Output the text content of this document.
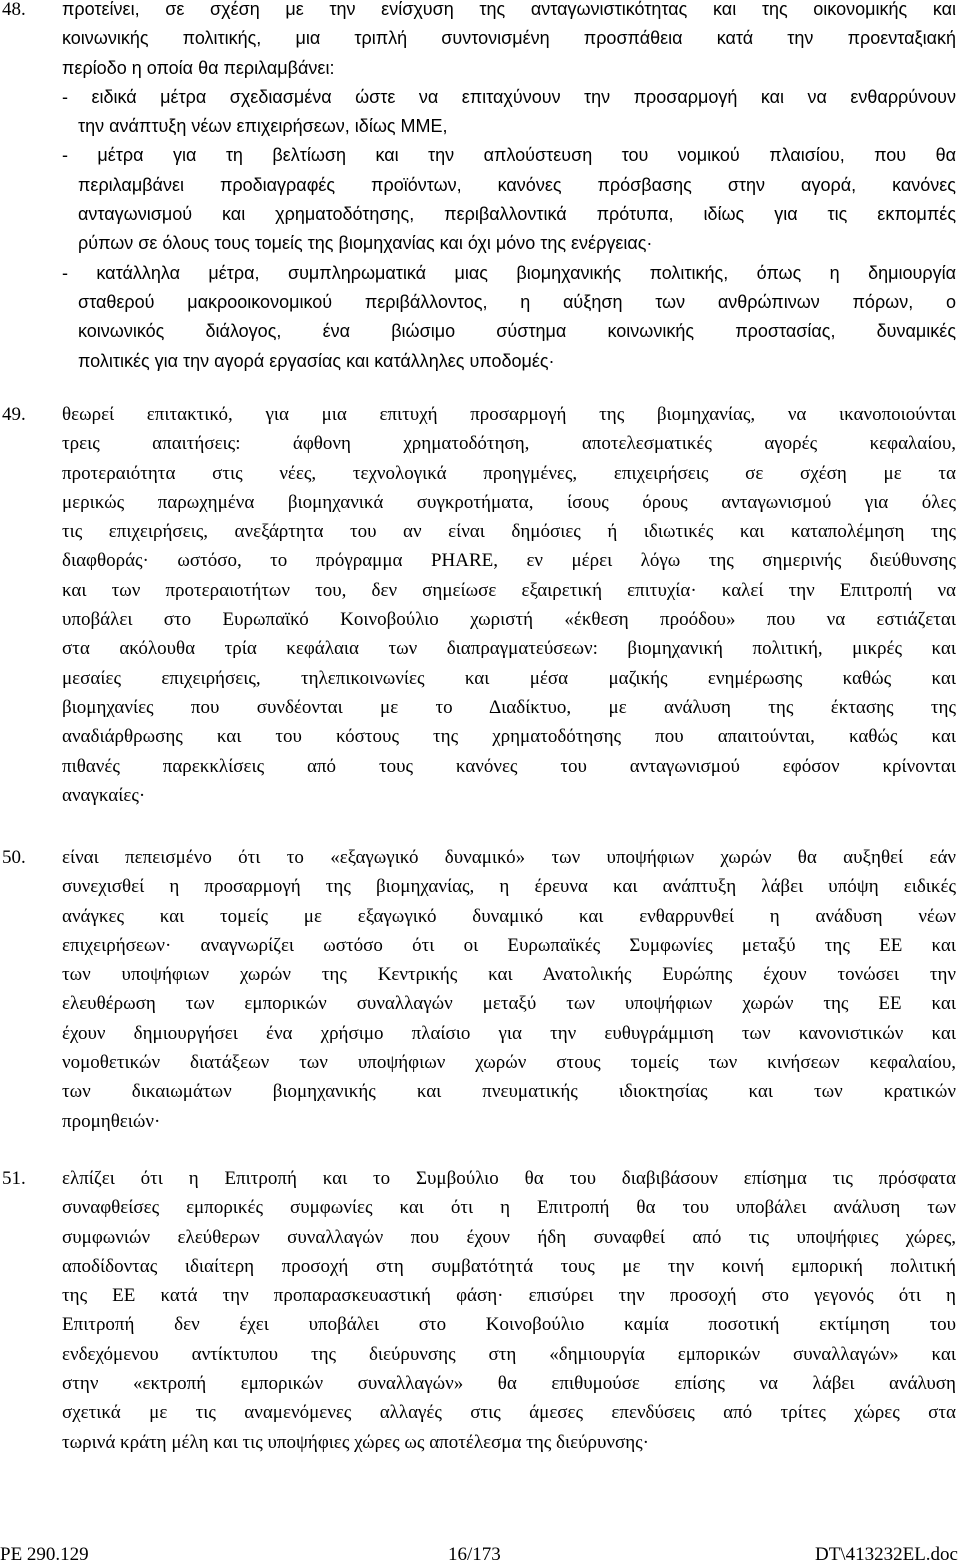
48. προτείνει, σε σχέση με την ενίσχυση της ανταγωνιστικότητας και της οικονομικής και
κοινωνικής πολιτικής, μια τριπλή συντονισμένη προσπάθεια κατά την προενταξιακή
περίοδο η οποία θα περιλαμβάνει:
- ειδικά μέτρα σχεδιασμένα ώστε να επιταχύνουν την προσαρμογή και να ενθαρρύνουν
την ανάπτυξη νέων επιχειρήσεων, ιδίως ΜΜΕ,
- μέτρα για τη βελτίωση και την απλούστευση του νομικού πλαισίου, που θα
περιλαμβάνει προδιαγραφές προϊόντων, κανόνες πρόσβασης στην αγορά, κανόνες
ανταγωνισμού και χρηματοδότησης, περιβαλλοντικά πρότυπα, ιδίως για τις εκπομπές
ρύπων σε όλους τους τομείς της βιομηχανίας και όχι μόνο της ενέργειας·
- κατάλληλα μέτρα, συμπληρωματικά μιας βιομηχανικής πολιτικής, όπως η δημιουργία
σταθερού μακροοικονομικού περιβάλλοντος, η αύξηση των ανθρώπινων πόρων, ο
κοινωνικός διάλογος, ένα βιώσιμο σύστημα κοινωνικής προστασίας, δυναμικές
πολιτικές για την αγορά εργασίας και κατάλληλες υποδομές·
49. θεωρεί επιτακτικό, για μια επιτυχή προσαρμογή της βιομηχανίας, να ικανοποιούνται
τρεις απαιτήσεις: άφθονη χρηματοδότηση, αποτελεσματικές αγορές κεφαλαίου,
προτεραιότητα στις νέες, τεχνολογικά προηγμένες, επιχειρήσεις σε σχέση με τα
μερικώς παρωχημένα βιομηχανικά συγκροτήματα, ίσους όρους ανταγωνισμού για όλες
τις επιχειρήσεις, ανεξάρτητα του αν είναι δημόσιες ή ιδιωτικές και καταπολέμηση της
διαφθοράς· ωστόσο, το πρόγραμμα PHARE, εν μέρει λόγω της σημερινής διεύθυνσης
και των προτεραιοτήτων του, δεν σημείωσε εξαιρετική επιτυχία· καλεί την Επιτροπή να
υποβάλει στο Ευρωπαϊκό Κοινοβούλιο χωριστή «έκθεση προόδου» που να εστιάζεται
στα ακόλουθα τρία κεφάλαια των διαπραγματεύσεων: βιομηχανική πολιτική, μικρές και
μεσαίες επιχειρήσεις, τηλεπικοινωνίες και μέσα μαζικής ενημέρωσης καθώς και
βιομηχανίες που συνδέονται με το Διαδίκτυο, με ανάλυση της έκτασης της
αναδιάρθρωσης και του κόστους της χρηματοδότησης που απαιτούνται, καθώς και
πιθανές παρεκκλίσεις από τους κανόνες του ανταγωνισμού εφόσον κρίνονται
αναγκαίες·
50. είναι πεπεισμένο ότι το «εξαγωγικό δυναμικό» των υποψήφιων χωρών θα αυξηθεί εάν
συνεχισθεί η προσαρμογή της βιομηχανίας, η έρευνα και ανάπτυξη λάβει υπόψη ειδικές
ανάγκες και τομείς με εξαγωγικό δυναμικό και ενθαρρυνθεί η ανάδυση νέων
επιχειρήσεων· αναγνωρίζει ωστόσο ότι οι Ευρωπαϊκές Συμφωνίες μεταξύ της ΕΕ και
των υποψήφιων χωρών της Κεντρικής και Ανατολικής Ευρώπης έχουν τονώσει την
ελευθέρωση των εμπορικών συναλλαγών μεταξύ των υποψήφιων χωρών της ΕΕ και
έχουν δημιουργήσει ένα χρήσιμο πλαίσιο για την ευθυγράμμιση των κανονιστικών και
νομοθετικών διατάξεων των υποψήφιων χωρών στους τομείς των κινήσεων κεφαλαίου,
των δικαιωμάτων βιομηχανικής και πνευματικής ιδιοκτησίας και των κρατικών
προμηθειών·
51. ελπίζει ότι η Επιτροπή και το Συμβούλιο θα του διαβιβάσουν επίσημα τις πρόσφατα
συναφθείσες εμπορικές συμφωνίες και ότι η Επιτροπή θα του υποβάλει ανάλυση των
συμφωνιών ελεύθερων συναλλαγών που έχουν ήδη συναφθεί από τις υποψήφιες χώρες,
αποδίδοντας ιδιαίτερη προσοχή στη συμβατότητά τους με την κοινή εμπορική πολιτική
της ΕΕ κατά την προπαρασκευαστική φάση· επισύρει την προσοχή στο γεγονός ότι η
Επιτροπή δεν έχει υποβάλει στο Κοινοβούλιο καμία ποσοτική εκτίμηση του
ενδεχόμενου αντίκτυπου της διεύρυνσης στη «δημιουργία εμπορικών συναλλαγών» και
στην «εκτροπή εμπορικών συναλλαγών» θα επιθυμούσε επίσης να λάβει ανάλυση
σχετικά με τις αναμενόμενες αλλαγές στις άμεσες επενδύσεις από τρίτες χώρες στα
τωρινά κράτη μέλη και τις υποψήφιες χώρες ως αποτέλεσμα της διεύρυνσης·
PE 290.129	16/173	DT\413232EL.doc
